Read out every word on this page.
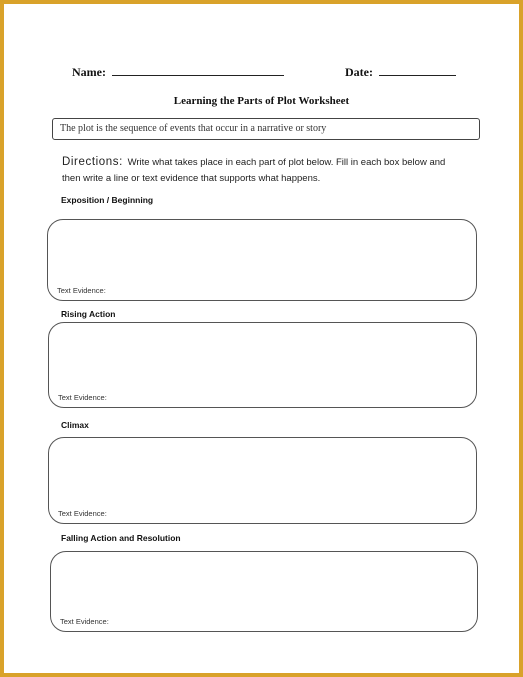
Name:	Date:
Learning the Parts of Plot Worksheet
The plot is the sequence of events that occur in a narrative or story
Directions: Write what takes place in each part of plot below. Fill in each box below and then write a line or text evidence that supports what happens.
Exposition / Beginning
Text Evidence:
Rising Action
Text Evidence:
Climax
Text Evidence:
Falling Action and Resolution
Text Evidence:
